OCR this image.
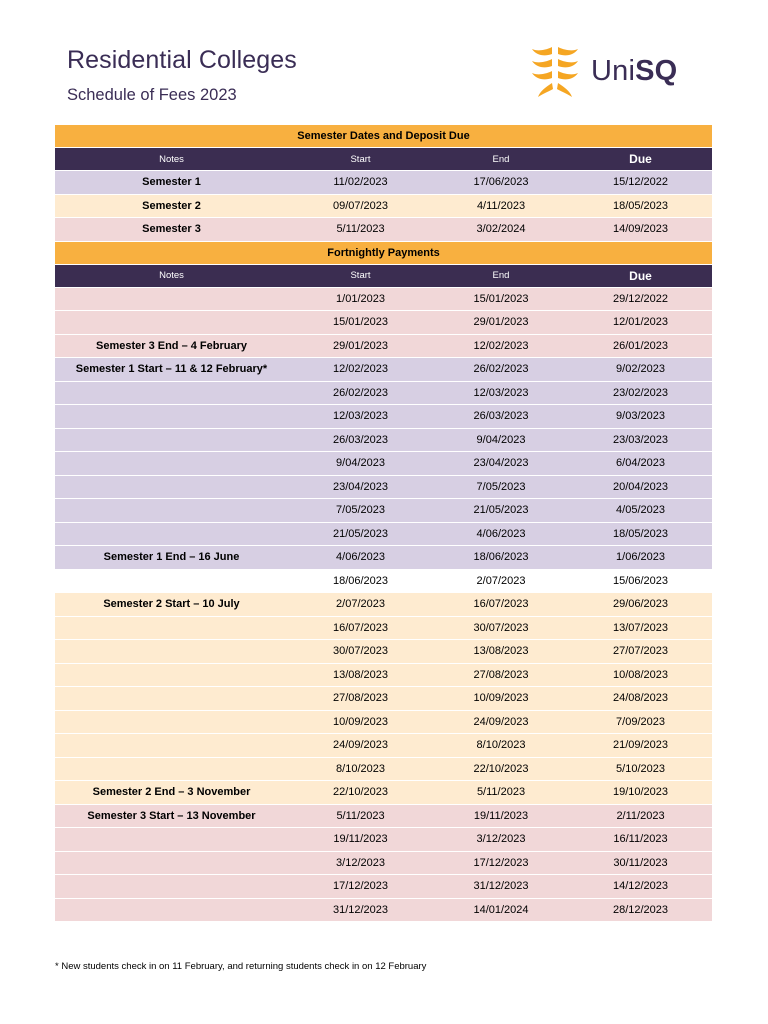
Residential Colleges
Schedule of Fees 2023
UniSQ
Semester Dates and Deposit Due			
Notes	Start	End	Due
Semester 1	11/02/2023	17/06/2023	15/12/2022
Semester 2	09/07/2023	4/11/2023	18/05/2023
Semester 3	5/11/2023	3/02/2024	14/09/2023
Fortnightly Payments			
Notes	Start	End	Due
	1/01/2023	15/01/2023	29/12/2022
	15/01/2023	29/01/2023	12/01/2023
Semester 3 End – 4 February	29/01/2023	12/02/2023	26/01/2023
Semester 1 Start – 11 & 12 February*	12/02/2023	26/02/2023	9/02/2023
	26/02/2023	12/03/2023	23/02/2023
	12/03/2023	26/03/2023	9/03/2023
	26/03/2023	9/04/2023	23/03/2023
	9/04/2023	23/04/2023	6/04/2023
	23/04/2023	7/05/2023	20/04/2023
	7/05/2023	21/05/2023	4/05/2023
	21/05/2023	4/06/2023	18/05/2023
Semester 1 End – 16 June	4/06/2023	18/06/2023	1/06/2023
	18/06/2023	2/07/2023	15/06/2023
Semester 2 Start – 10 July	2/07/2023	16/07/2023	29/06/2023
	16/07/2023	30/07/2023	13/07/2023
	30/07/2023	13/08/2023	27/07/2023
	13/08/2023	27/08/2023	10/08/2023
	27/08/2023	10/09/2023	24/08/2023
	10/09/2023	24/09/2023	7/09/2023
	24/09/2023	8/10/2023	21/09/2023
	8/10/2023	22/10/2023	5/10/2023
Semester 2 End – 3 November	22/10/2023	5/11/2023	19/10/2023
Semester 3 Start – 13 November	5/11/2023	19/11/2023	2/11/2023
	19/11/2023	3/12/2023	16/11/2023
	3/12/2023	17/12/2023	30/11/2023
	17/12/2023	31/12/2023	14/12/2023
	31/12/2023	14/01/2024	28/12/2023
* New students check in on 11 February, and returning students check in on 12 February
